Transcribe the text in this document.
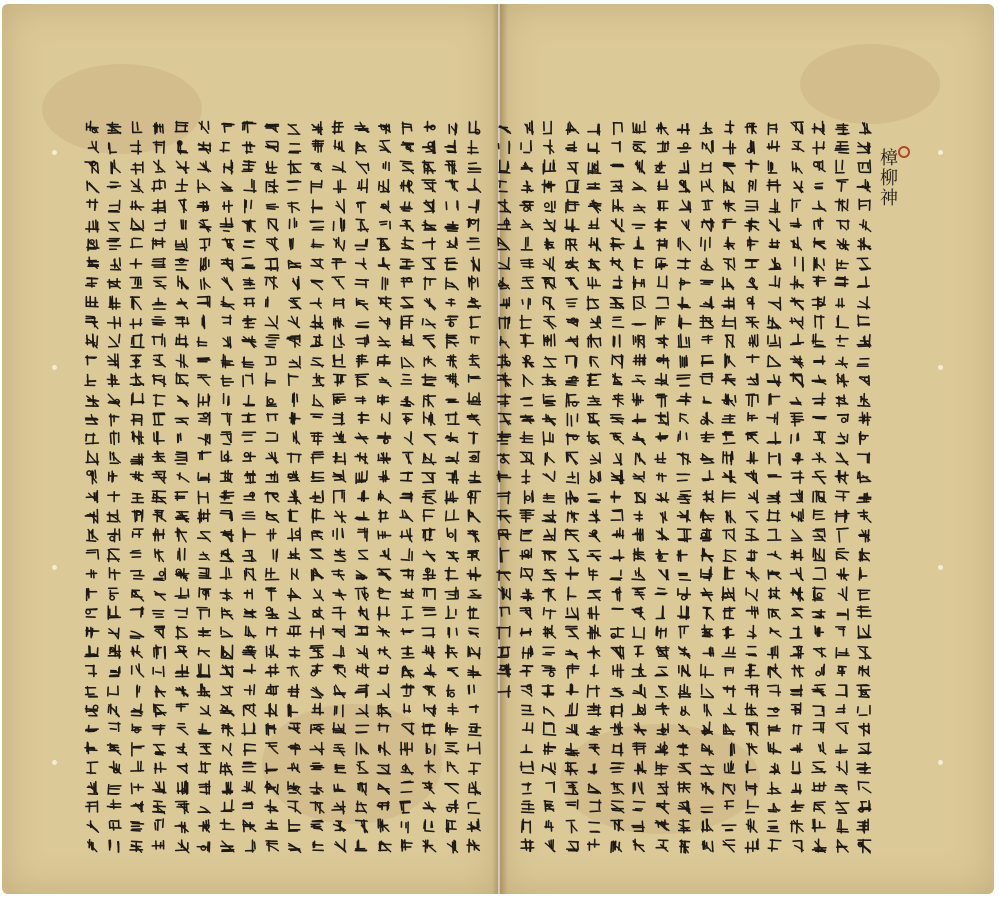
樟柳神
